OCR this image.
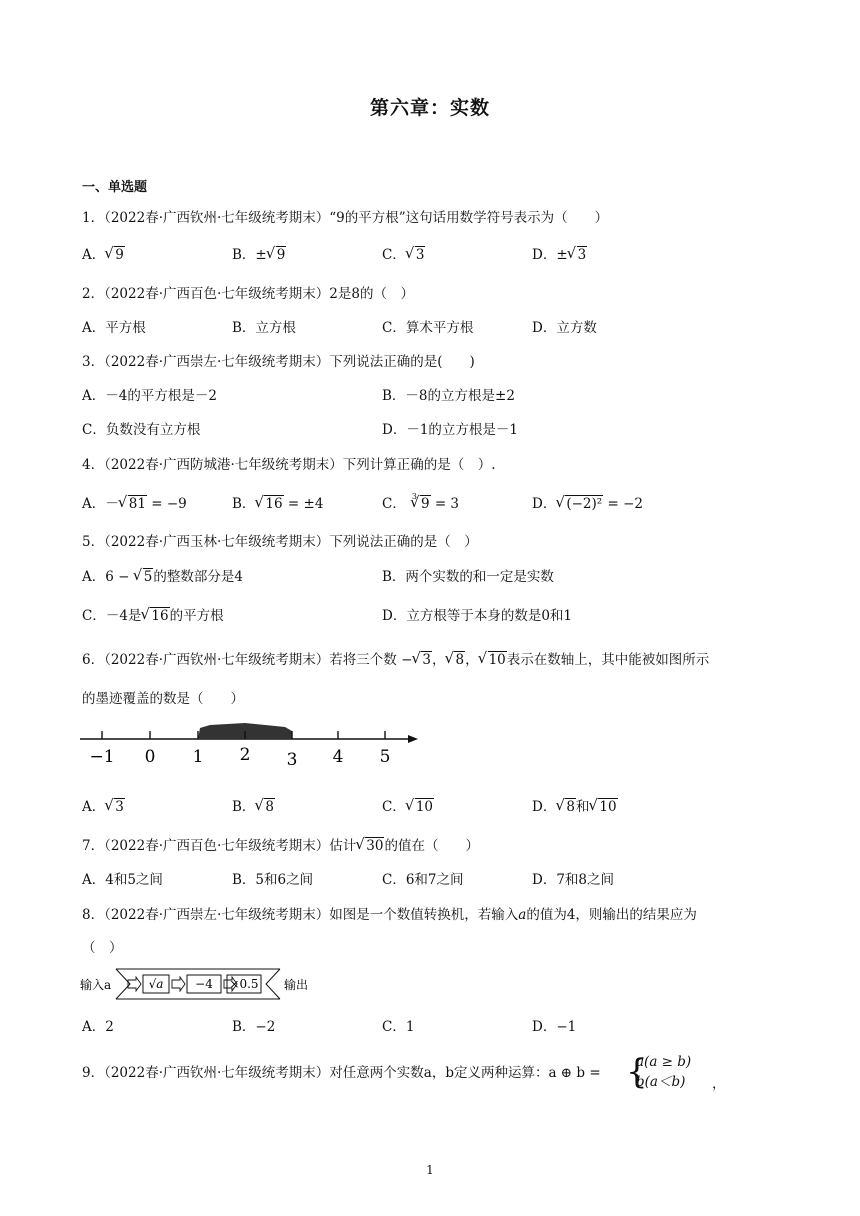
第六章：实数
一、单选题
1．（2022春·广西钦州·七年级统考期末）“9的平方根”这句话用数学符号表示为（　　）
A． √ 9	B．± √ 9	C． √ 3	D．± √ 3
2．（2022春·广西百色·七年级统考期末）2是8的（　）
A．平方根	B．立方根	C．算术平方根	D．立方数
3．（2022春·广西崇左·七年级统考期末）下列说法正确的是(　　)
A．－4的平方根是－2	B．－8的立方根是±2
C．负数没有立方根	D．－1的立方根是－1
4．（2022春·广西防城港·七年级统考期末）下列计算正确的是（　）.
A．－ √ 81 = −9	B． √ 16 = ±4	C． $^3$ √ 9 = 3	D． √ (−2)² = −2
5．（2022春·广西玉林·七年级统考期末）下列说法正确的是（　）
A．6 − √ 5的整数部分是4	B．两个实数的和一定是实数
C．－4是 √ 16的平方根	D．立方根等于本身的数是0和1
6．（2022春·广西钦州·七年级统考期末）若将三个数 − √ 3， √ 8， √ 10表示在数轴上，其中能被如图所示
的墨迹覆盖的数是（　　）
−1 0 1 2 3 4 5
A． √ 3	B． √ 8	C． √ 10	D． √ 8和 √ 10
7．（2022春·广西百色·七年级统考期末）估计 √ 30的值在（　　）
A．4和5之间	B．5和6之间	C．6和7之间	D．7和8之间
8．（2022春·广西崇左·七年级统考期末）如图是一个数值转换机，若输入a的值为4，则输出的结果应为
（　）
输入a	√a	−4	输出
×0.5
A．2	B．−2	C．1	D．−1
9．（2022春·广西钦州·七年级统考期末）对任意两个实数a，b定义两种运算：a ⊕ b = {
a(a ≥ b)
b(a＜b)	，
1
